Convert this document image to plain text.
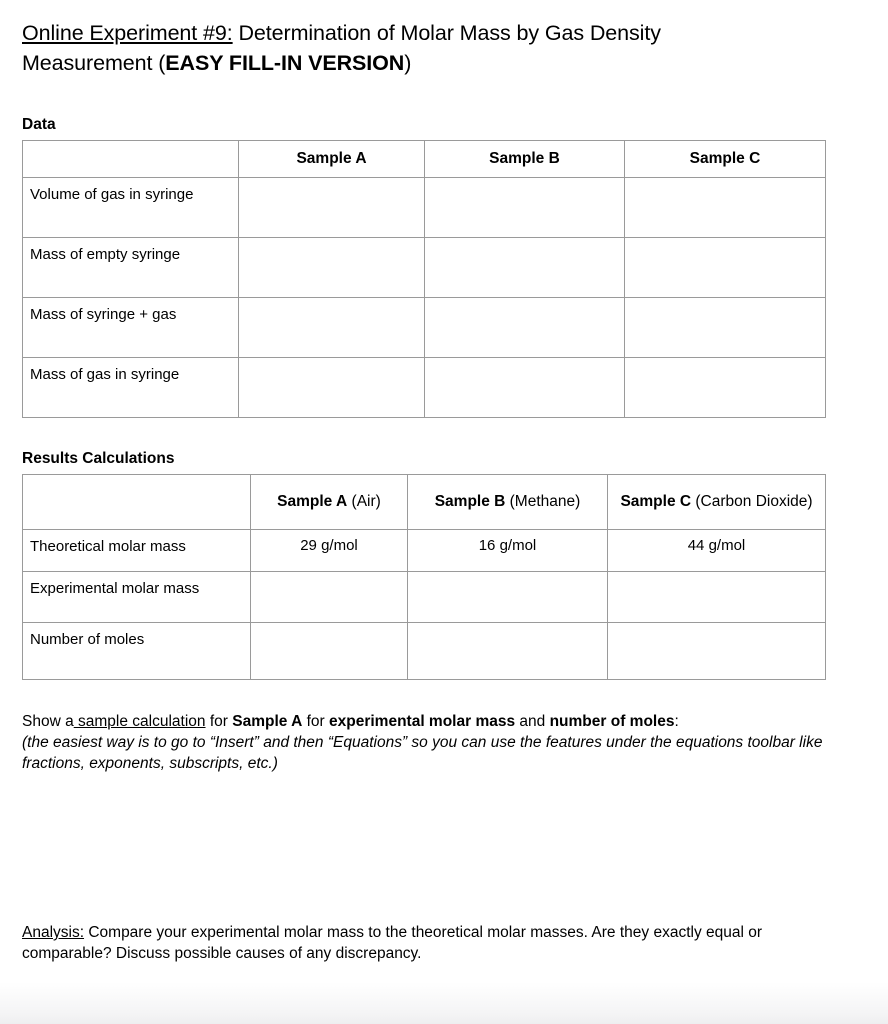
Online Experiment #9: Determination of Molar Mass by Gas Density Measurement (EASY FILL-IN VERSION)
Data
	Sample A	Sample B	Sample C
Volume of gas in syringe			
Mass of empty syringe			
Mass of syringe + gas			
Mass of gas in syringe			
Results Calculations
	Sample A (Air)	Sample B (Methane)	Sample C (Carbon Dioxide)
Theoretical molar mass	29 g/mol	16 g/mol	44 g/mol
Experimental molar mass			
Number of moles			

Show a sample calculation for Sample A for experimental molar mass and number of moles:
(the easiest way is to go to “Insert” and then “Equations” so you can use the features under the equations toolbar like fractions, exponents, subscripts, etc.)

Analysis: Compare your experimental molar mass to the theoretical molar masses. Are they exactly equal or comparable? Discuss possible causes of any discrepancy.
